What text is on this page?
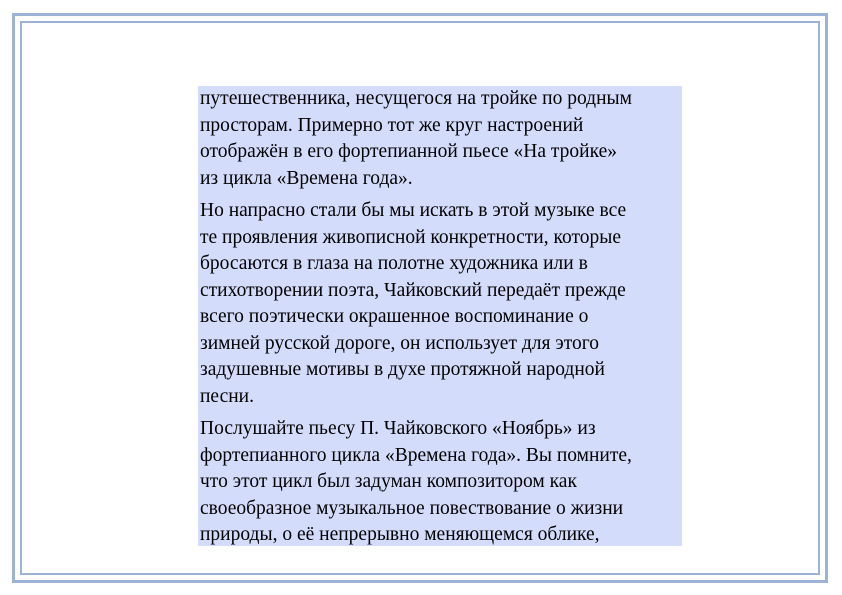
путешественника, несущегося на тройке по родным
просторам. Примерно тот же круг настроений
отображён в его фортепианной пьесе «На тройке»
из цикла «Времена года».

Но напрасно стали бы мы искать в этой музыке все
те проявления живописной конкретности, которые
бросаются в глаза на полотне художника или в
стихотворении поэта, Чайковский передаёт прежде
всего поэтически окрашенное воспоминание о
зимней русской дороге, он использует для этого
задушевные мотивы в духе протяжной народной
песни.

Послушайте пьесу П. Чайковского «Ноябрь» из
фортепианного цикла «Времена года». Вы помните,
что этот цикл был задуман композитором как
своеобразное музыкальное повествование о жизни
природы, о её непрерывно меняющемся облике,
